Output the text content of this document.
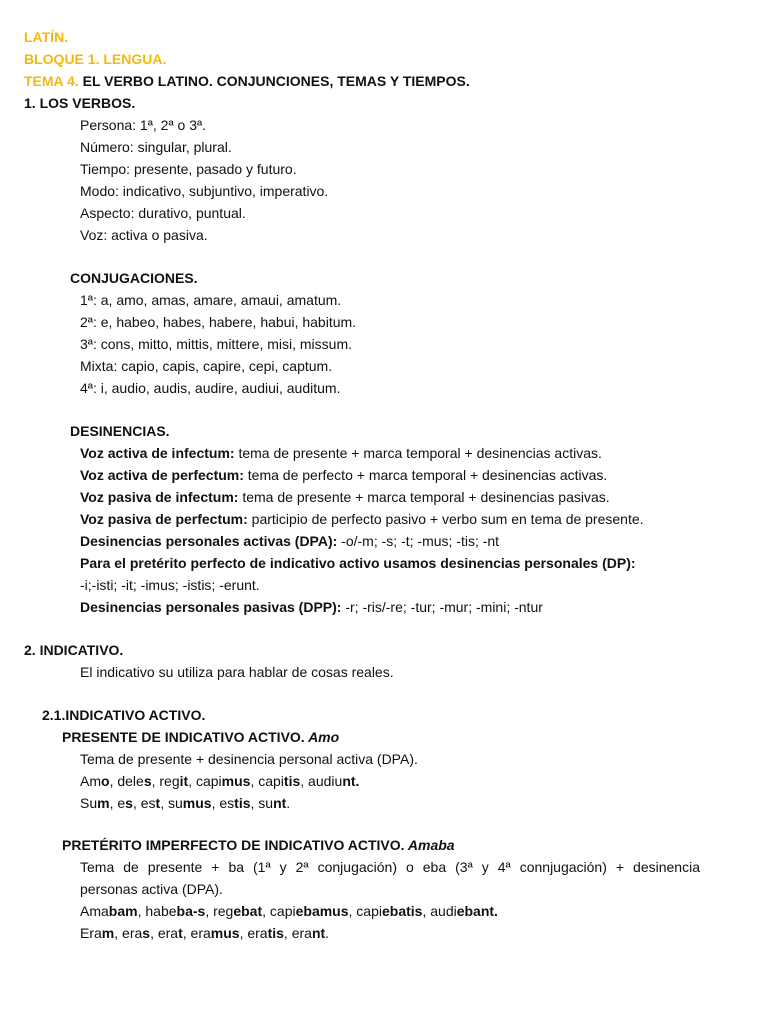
LATÍN.
BLOQUE 1. LENGUA.
TEMA 4. EL VERBO LATINO. CONJUNCIONES, TEMAS Y TIEMPOS.
1. LOS VERBOS.
Persona: 1ª, 2ª o 3ª.
Número: singular, plural.
Tiempo: presente, pasado y futuro.
Modo: indicativo, subjuntivo, imperativo.
Aspecto: durativo, puntual.
Voz: activa o pasiva.
CONJUGACIONES.
1ª: a, amo, amas, amare, amaui, amatum.
2ª: e, habeo, habes, habere, habui, habitum.
3ª: cons, mitto, mittis, mittere, misi, missum.
Mixta: capio, capis, capire, cepi, captum.
4ª: i, audio, audis, audire, audiui, auditum.
DESINENCIAS.
Voz activa de infectum: tema de presente + marca temporal + desinencias activas.
Voz activa de perfectum: tema de perfecto + marca temporal + desinencias activas.
Voz pasiva de infectum: tema de presente + marca temporal + desinencias pasivas.
Voz pasiva de perfectum: participio de perfecto pasivo + verbo sum en tema de presente.
Desinencias personales activas (DPA): -o/-m; -s; -t; -mus; -tis; -nt
Para el pretérito perfecto de indicativo activo usamos desinencias personales (DP):
-i;-isti; -it; -imus; -istis; -erunt.
Desinencias personales pasivas (DPP): -r; -ris/-re; -tur; -mur; -mini; -ntur
2. INDICATIVO.
El indicativo su utiliza para hablar de cosas reales.
2.1.INDICATIVO ACTIVO.
PRESENTE DE INDICATIVO ACTIVO. Amo
Tema de presente + desinencia personal activa (DPA).
Amo, deles, regit, capimus, capitis, audiunt.
Sum, es, est, sumus, estis, sunt.
PRETÉRITO IMPERFECTO DE INDICATIVO ACTIVO. Amaba
Tema de presente + ba (1ª y 2ª conjugación) o eba (3ª y 4ª connjugación) + desinencia
personas activa (DPA).
Amabam, habeba-s, regebat, capiebamus, capiebatis, audiebant.
Eram, eras, erat, eramus, eratis, erant.
